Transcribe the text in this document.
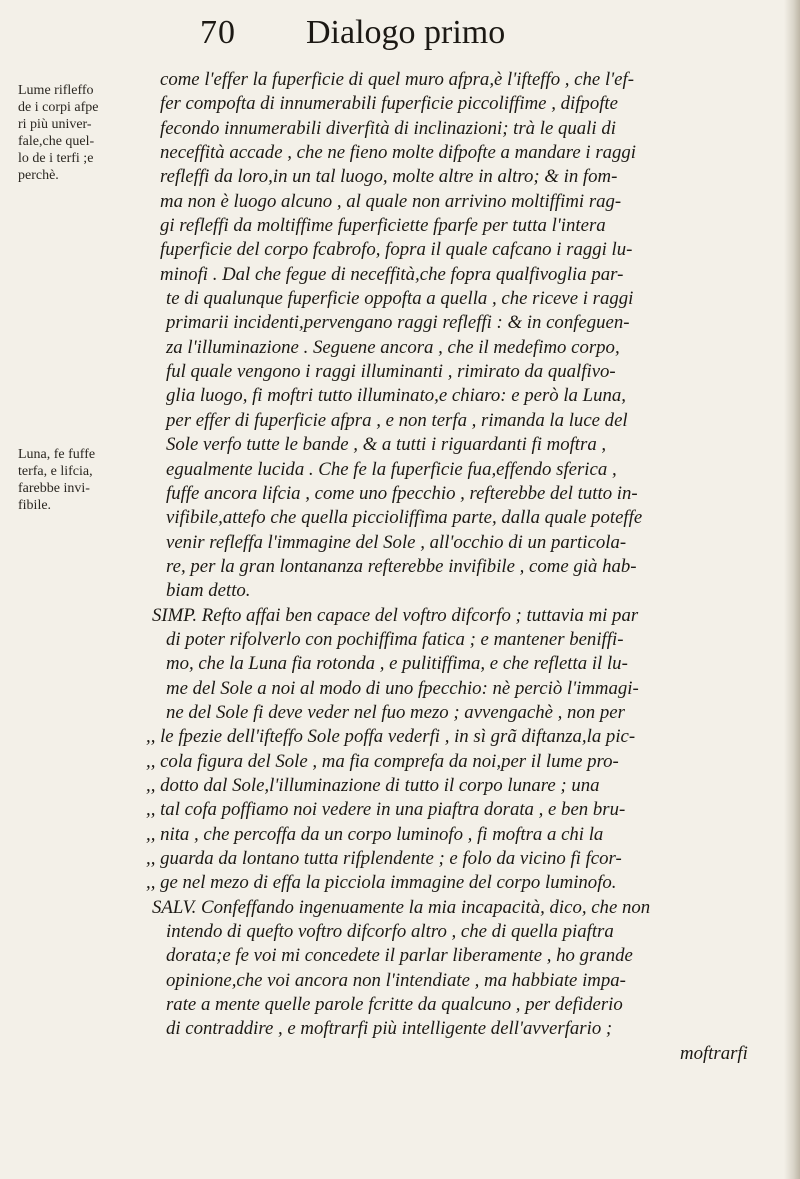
70 Dialogo primo
Lume rifleffo
de i corpi afpe
ri più univer-
fale,che quel-
lo de i terfi ;e
perchè.
Luna, fe fuffe
terfa, e lifcia,
farebbe invi-
fibile.
come l'effer la fuperficie di quel muro afpra,è l'ifteffo , che l'ef-
fer compofta di innumerabili fuperficie piccoliffime , difpofte
fecondo innumerabili diverfità di inclinazioni; trà le quali di
neceffità accade , che ne fieno molte difpofte a mandare i raggi
refleffi da loro,in un tal luogo, molte altre in altro; & in fom-
ma non è luogo alcuno , al quale non arrivino moltiffimi rag-
gi refleffi da moltiffime fuperficiette fparfe per tutta l'intera
fuperficie del corpo fcabrofo, fopra il quale cafcano i raggi lu-
minofi . Dal che fegue di neceffità,che fopra qualfivoglia par-
te di qualunque fuperficie oppofta a quella , che riceve i raggi
primarii incidenti,pervengano raggi refleffi : & in confeguen-
za l'illuminazione . Seguene ancora , che il medefimo corpo,
ful quale vengono i raggi illuminanti , rimirato da qualfivo-
glia luogo, fi moftri tutto illuminato,e chiaro: e però la Luna,
per effer di fuperficie afpra , e non terfa , rimanda la luce del
Sole verfo tutte le bande , & a tutti i riguardanti fi moftra ,
egualmente lucida . Che fe la fuperficie fua,effendo sferica ,
fuffe ancora lifcia , come uno fpecchio , refterebbe del tutto in-
vifibile,attefo che quella piccioliffima parte, dalla quale poteffe
venir refleffa l'immagine del Sole , all'occhio di un particola-
re, per la gran lontananza refterebbe invifibile , come già hab-
biam detto.
SIMP. Refto affai ben capace del voftro difcorfo ; tuttavia mi par
di poter rifolverlo con pochiffima fatica ; e mantener beniffi-
mo, che la Luna fia rotonda , e pulitiffima, e che refletta il lu-
me del Sole a noi al modo di uno fpecchio: nè perciò l'immagi-
ne del Sole fi deve veder nel fuo mezo ; avvengachè , non per
,, le fpezie dell'ifteffo Sole poffa vederfi , in sì grã diftanza,la pic-
,, cola figura del Sole , ma fia comprefa da noi,per il lume pro-
,, dotto dal Sole,l'illuminazione di tutto il corpo lunare ; una
,, tal cofa poffiamo noi vedere in una piaftra dorata , e ben bru-
,, nita , che percoffa da un corpo luminofo , fi moftra a chi la
,, guarda da lontano tutta rifplendente ; e folo da vicino fi fcor-
,, ge nel mezo di effa la picciola immagine del corpo luminofo.
SALV. Confeffando ingenuamente la mia incapacità, dico, che non
intendo di quefto voftro difcorfo altro , che di quella piaftra
dorata;e fe voi mi concedete il parlar liberamente , ho grande
opinione,che voi ancora non l'intendiate , ma habbiate impa-
rate a mente quelle parole fcritte da qualcuno , per defiderio
di contraddire , e moftrarfi più intelligente dell'avverfario ;
moftrarfi
